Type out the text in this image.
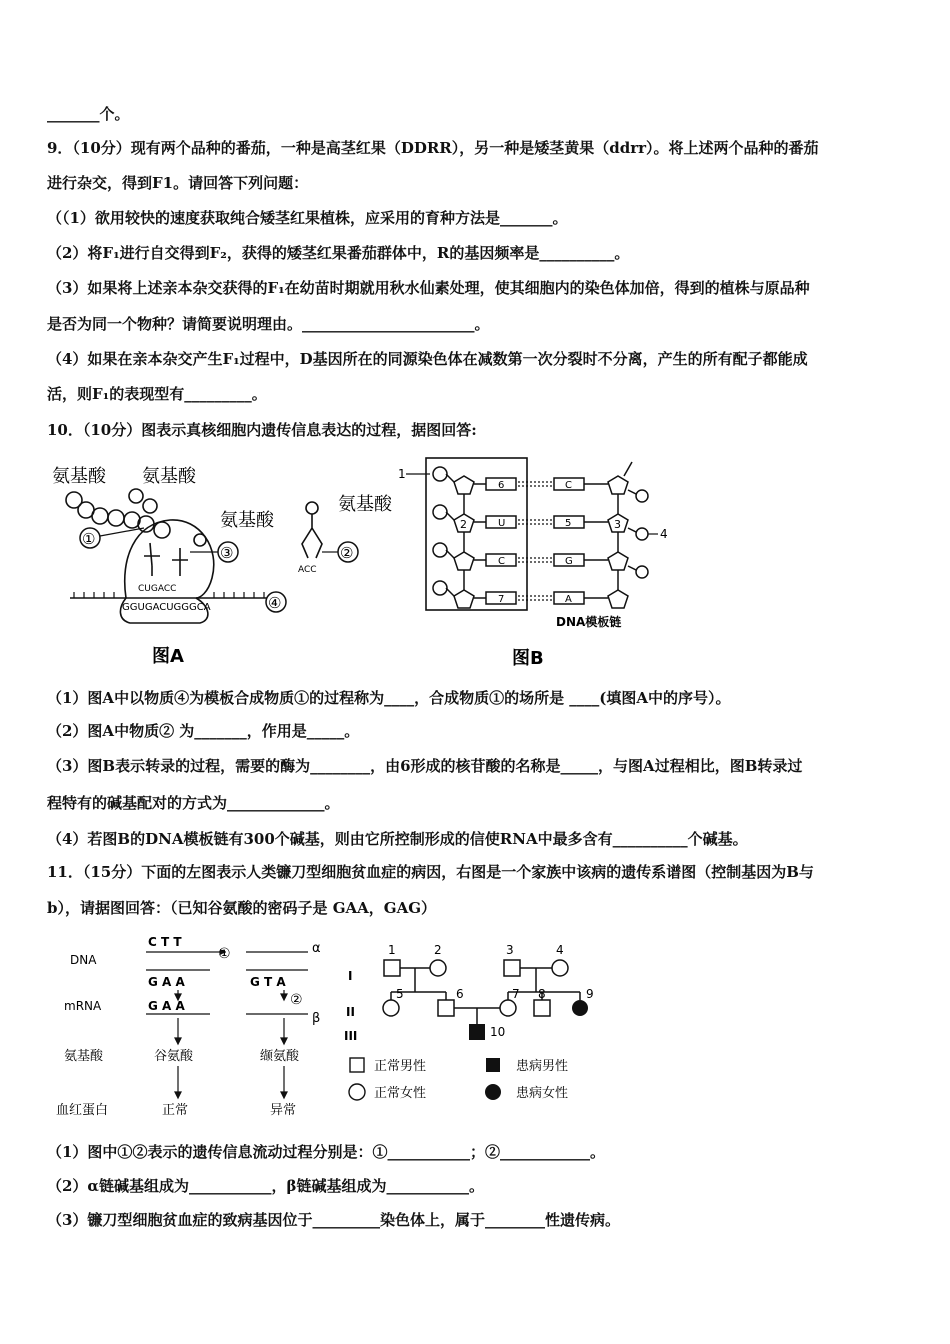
_______个。
9．（10分）现有两个品种的番茄，一种是高茎红果（DDRR），另一种是矮茎黄果（ddrr）。将上述两个品种的番茄
进行杂交，得到F1。请回答下列问题：
（（1）欲用较快的速度获取纯合矮茎红果植株，应采用的育种方法是_______。
（2）将F₁进行自交得到F₂，获得的矮茎红果番茄群体中，R的基因频率是__________。
（3）如果将上述亲本杂交获得的F₁在幼苗时期就用秋水仙素处理，使其细胞内的染色体加倍，得到的植株与原品种
是否为同一个物种？请简要说明理由。_______________________。
（4）如果在亲本杂交产生F₁过程中，D基因所在的同源染色体在减数第一次分裂时不分离，产生的所有配子都能成
活，则F₁的表现型有_________。
10．（10分）图表示真核细胞内遗传信息表达的过程，据图回答:
氨基酸 氨基酸
氨基酸
CUGACC
GGUGACUGGGCA
①
③
④
氨基酸
②
ACC
图A
1
6
U
C
7
C
5
G
A
2	3
4
DNA模板链
图B
（1）图A中以物质④为模板合成物质①的过程称为____，合成物质①的场所是 ____(填图A中的序号）。
（2）图A中物质② 为_______，作用是_____。
（3）图B表示转录的过程，需要的酶为________，由6形成的核苷酸的名称是_____，与图A过程相比，图B转录过
程特有的碱基配对的方式为_____________。
（4）若图B的DNA模板链有300个碱基，则由它所控制形成的信使RNA中最多含有__________个碱基。
11．（15分）下面的左图表示人类镰刀型细胞贫血症的病因，右图是一个家族中该病的遗传系谱图（控制基因为B与
b），请据图回答：（已知谷氨酸的密码子是 GAA，GAG）
C T T
①	α
DNA
G A A	G T A
②
mRNA	G A A
β
氨基酸	谷氨酸	缬氨酸
血红蛋白	正常	异常
I
II
III
1	2	3	4
5	6	7 8	9
10
正常男性	患病男性
正常女性	患病女性
（1）图中①②表示的遗传信息流动过程分别是：①___________；②____________。
（2）α链碱基组成为___________，β链碱基组成为___________。
（3）镰刀型细胞贫血症的致病基因位于_________染色体上，属于________性遗传病。
